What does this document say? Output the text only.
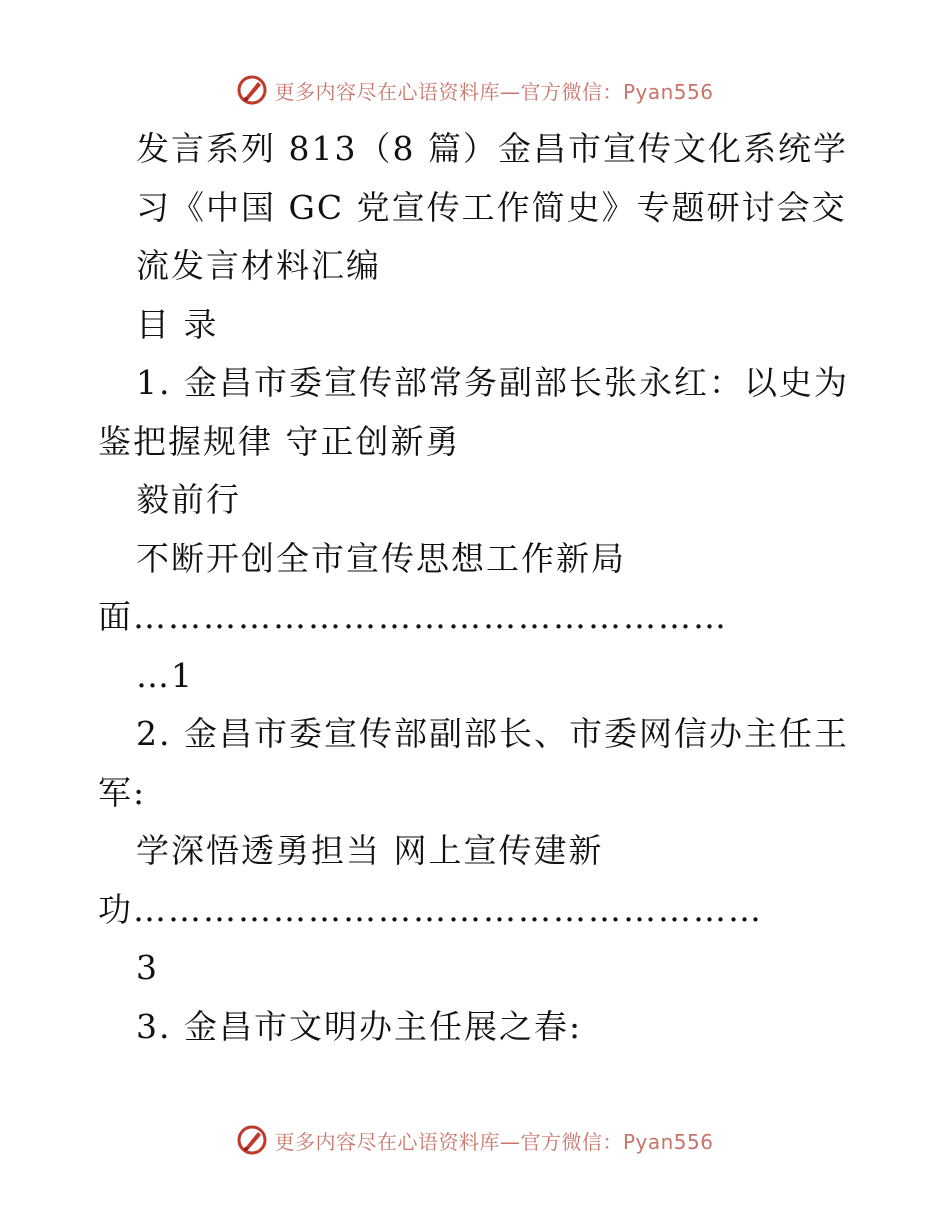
更多内容尽在心语资料库—官方微信：Pyan556
发言系列 813（8 篇）金昌市宣传文化系统学
习《中国 GC 党宣传工作简史》专题研讨会交
流发言材料汇编
目 录
1. 金昌市委宣传部常务副部长张永红：以史为
鉴把握规律 守正创新勇
毅前行
不断开创全市宣传思想工作新局
面……………………………………………
…1
2. 金昌市委宣传部副部长、市委网信办主任王
军:
学深悟透勇担当 网上宣传建新
功………………………………………………
3
3. 金昌市文明办主任展之春:
更多内容尽在心语资料库—官方微信：Pyan556
